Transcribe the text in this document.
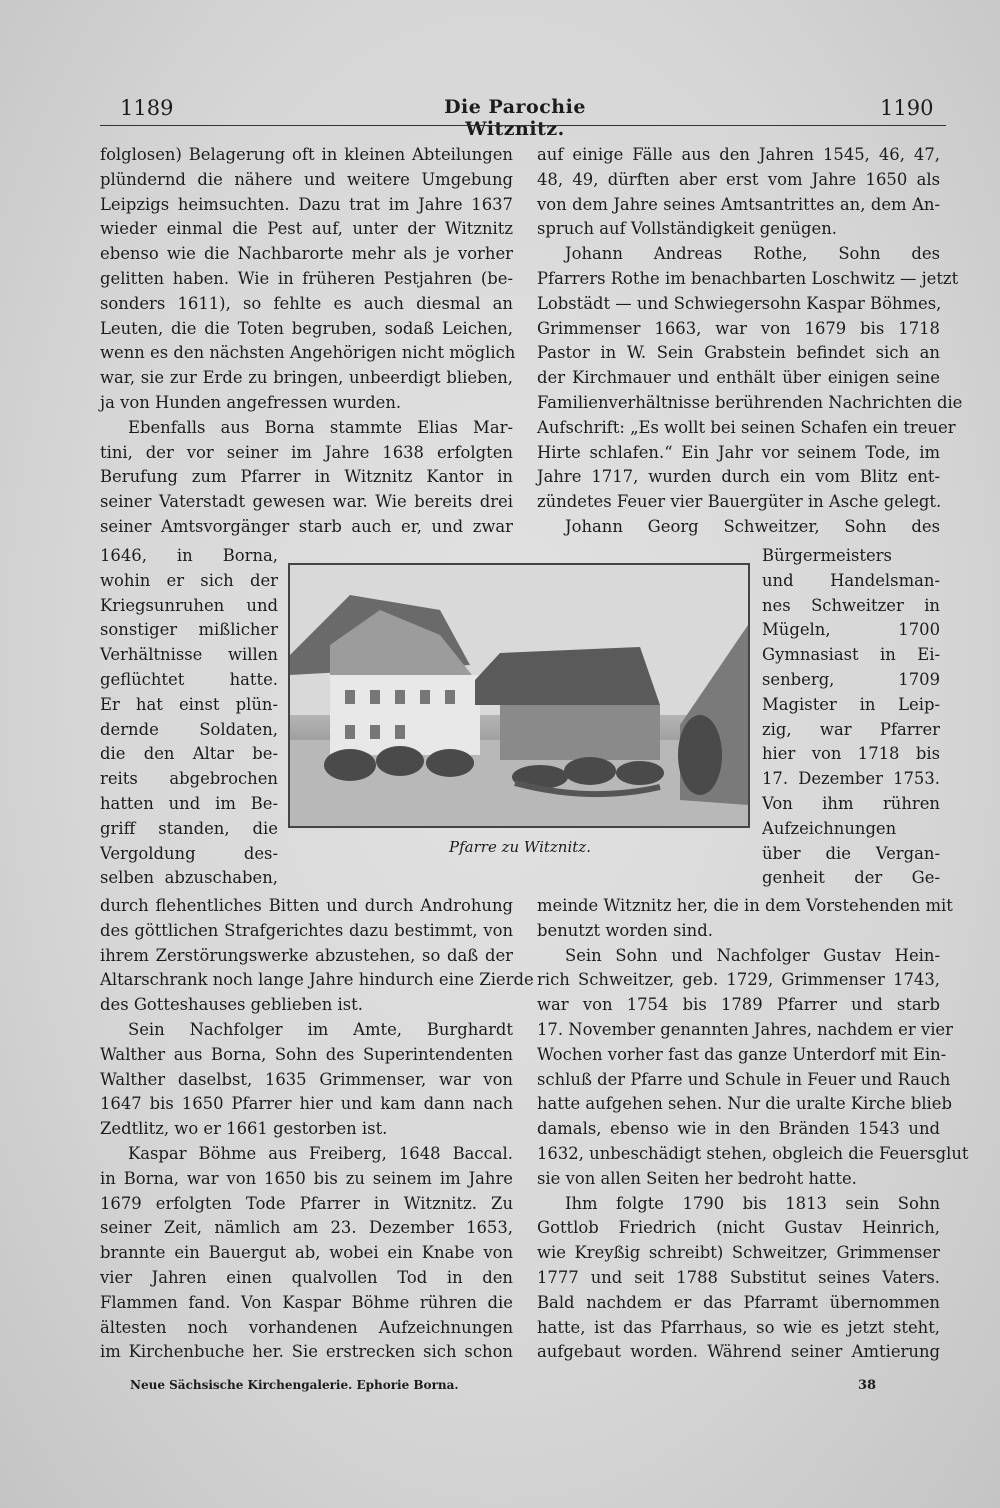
1189	Die Parochie Witznitz.
1190

folglosen) Belagerung oft in kleinen Abteilungen

plündernd die nähere und weitere Umgebung

Leipzigs heimsuchten. Dazu trat im Jahre 1637

wieder einmal die Pest auf, unter der Witznitz

ebenso wie die Nachbarorte mehr als je vorher

gelitten haben. Wie in früheren Pestjahren (be-

sonders 1611), so fehlte es auch diesmal an

Leuten, die die Toten begruben, sodaß Leichen,

wenn es den nächsten Angehörigen nicht möglich

war, sie zur Erde zu bringen, unbeerdigt blieben,

ja von Hunden angefressen wurden.

Ebenfalls aus Borna stammte Elias Mar-

tini, der vor seiner im Jahre 1638 erfolgten

Berufung zum Pfarrer in Witznitz Kantor in

seiner Vaterstadt gewesen war. Wie bereits drei

seiner Amtsvorgänger starb auch er, und zwar

1646, in Borna,

wohin er sich der

Kriegsunruhen und

sonstiger mißlicher

Verhältnisse willen

geflüchtet hatte.

Er hat einst plün-

dernde Soldaten,

die den Altar be-

reits abgebrochen

hatten und im Be-

griff standen, die

Vergoldung des-

selben abzuschaben,

durch flehentliches Bitten und durch Androhung

des göttlichen Strafgerichtes dazu bestimmt, von

ihrem Zerstörungswerke abzustehen, so daß der

Altarschrank noch lange Jahre hindurch eine Zierde

des Gotteshauses geblieben ist.

Sein Nachfolger im Amte, Burghardt

Walther aus Borna, Sohn des Superintendenten

Walther daselbst, 1635 Grimmenser, war von

1647 bis 1650 Pfarrer hier und kam dann nach

Zedtlitz, wo er 1661 gestorben ist.

Kaspar Böhme aus Freiberg, 1648 Baccal.

in Borna, war von 1650 bis zu seinem im Jahre

1679 erfolgten Tode Pfarrer in Witznitz. Zu

seiner Zeit, nämlich am 23. Dezember 1653,

brannte ein Bauergut ab, wobei ein Knabe von

vier Jahren einen qualvollen Tod in den

Flammen fand. Von Kaspar Böhme rühren die

ältesten noch vorhandenen Aufzeichnungen

im Kirchenbuche her. Sie erstrecken sich schon

auf einige Fälle aus den Jahren 1545, 46, 47,

48, 49, dürften aber erst vom Jahre 1650 als

von dem Jahre seines Amtsantrittes an, dem An-

spruch auf Vollständigkeit genügen.

Johann Andreas Rothe, Sohn des

Pfarrers Rothe im benachbarten Loschwitz — jetzt

Lobstädt — und Schwiegersohn Kaspar Böhmes,

Grimmenser 1663, war von 1679 bis 1718

Pastor in W. Sein Grabstein befindet sich an

der Kirchmauer und enthält über einigen seine

Familienverhältnisse berührenden Nachrichten die

Aufschrift: „Es wollt bei seinen Schafen ein treuer

Hirte schlafen.“ Ein Jahr vor seinem Tode, im

Jahre 1717, wurden durch ein vom Blitz ent-

zündetes Feuer vier Bauergüter in Asche gelegt.

Johann Georg Schweitzer, Sohn des

Bürgermeisters

und Handelsman-

nes Schweitzer in

Mügeln, 1700

Gymnasiast in Ei-

senberg, 1709

Magister in Leip-

zig, war Pfarrer

hier von 1718 bis

17. Dezember 1753.

Von ihm rühren

Aufzeichnungen

über die Vergan-

genheit der Ge-

meinde Witznitz her, die in dem Vorstehenden mit

benutzt worden sind.

Sein Sohn und Nachfolger Gustav Hein-

rich Schweitzer, geb. 1729, Grimmenser 1743,

war von 1754 bis 1789 Pfarrer und starb

17. November genannten Jahres, nachdem er vier

Wochen vorher fast das ganze Unterdorf mit Ein-

schluß der Pfarre und Schule in Feuer und Rauch

hatte aufgehen sehen. Nur die uralte Kirche blieb

damals, ebenso wie in den Bränden 1543 und

1632, unbeschädigt stehen, obgleich die Feuersglut

sie von allen Seiten her bedroht hatte.

Ihm folgte 1790 bis 1813 sein Sohn

Gottlob Friedrich (nicht Gustav Heinrich,

wie Kreyßig schreibt) Schweitzer, Grimmenser

1777 und seit 1788 Substitut seines Vaters.

Bald nachdem er das Pfarramt übernommen

hatte, ist das Pfarrhaus, so wie es jetzt steht,

aufgebaut worden. Während seiner Amtierung

Pfarre zu Witznitz.
Neue Sächsische Kirchengalerie. Ephorie Borna.	38
